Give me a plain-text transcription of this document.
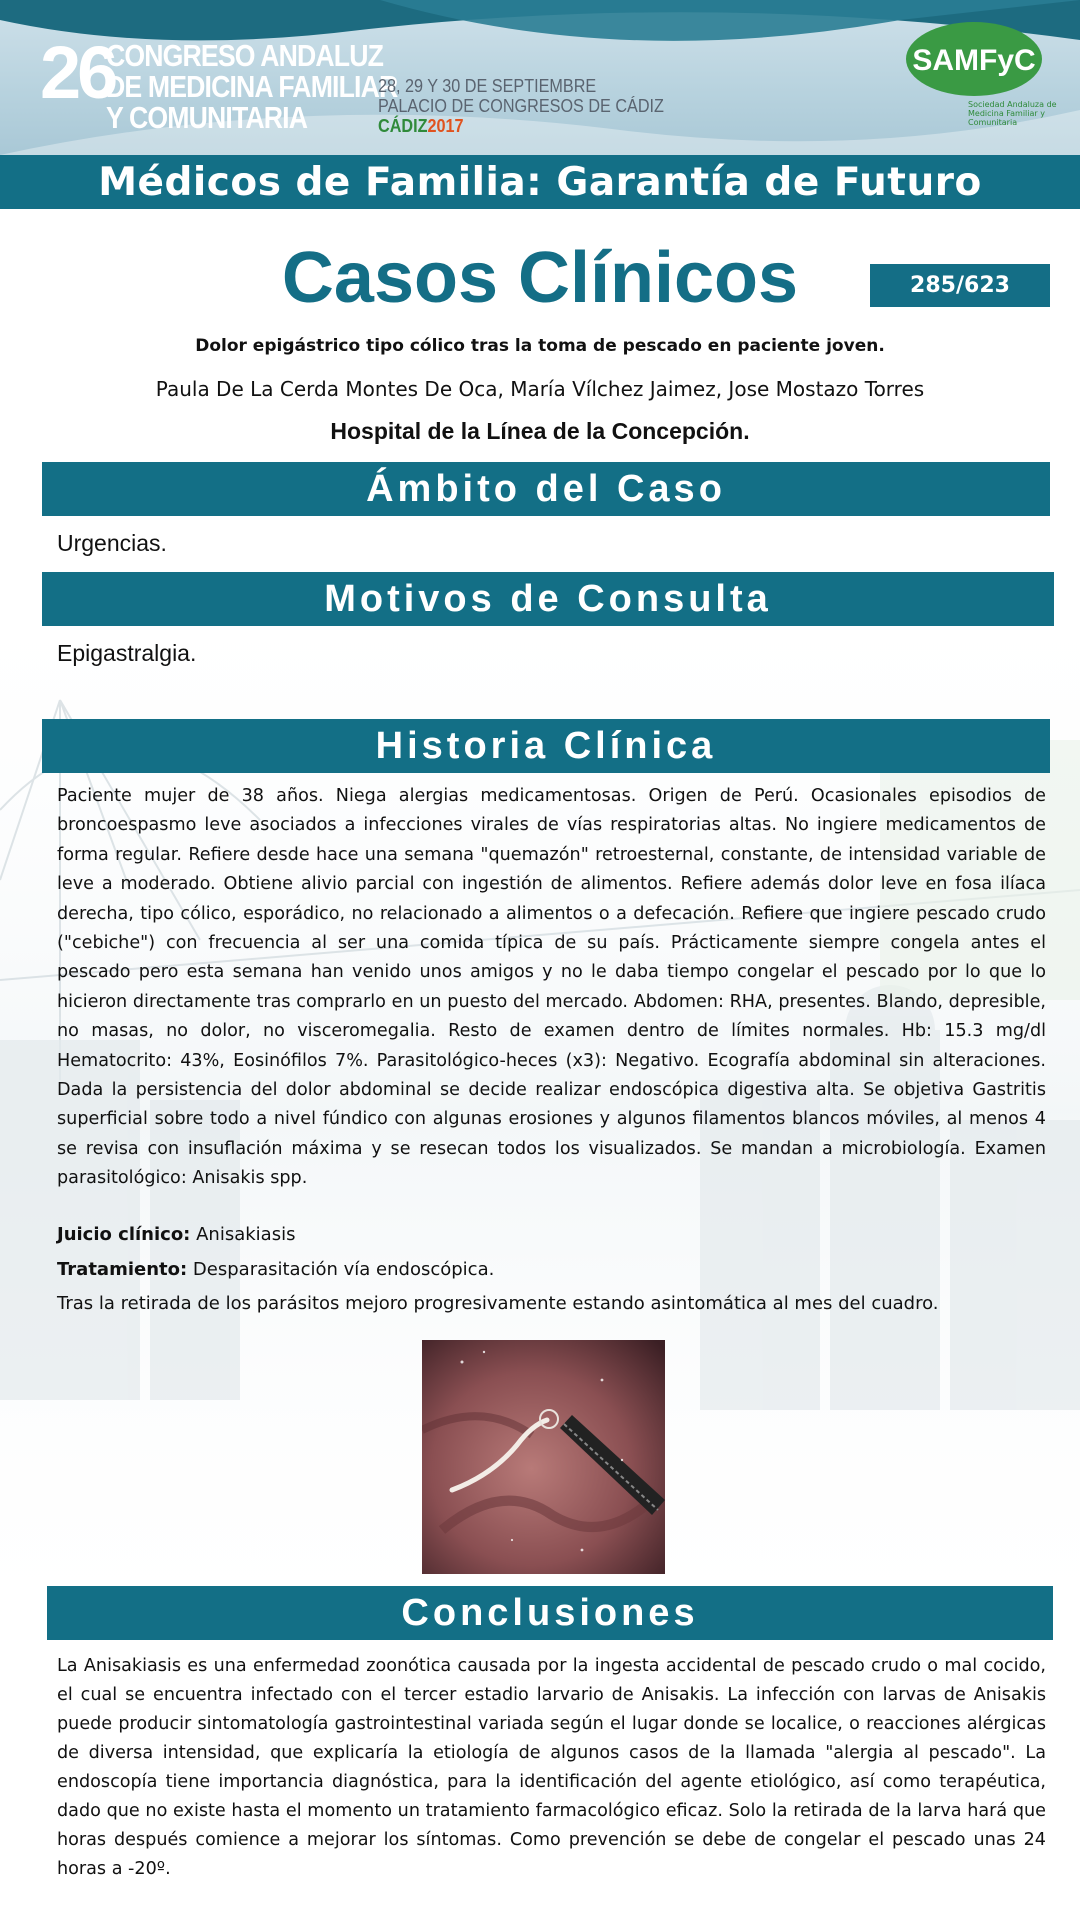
26
CONGRESO ANDALUZ
DE MEDICINA FAMILIAR
Y COMUNITARIA
28, 29 Y 30 DE SEPTIEMBRE
PALACIO DE CONGRESOS DE CÁDIZ
CÁDIZ2017
SAMFyC
Sociedad Andaluza de Medicina Familiar y Comunitaria
Médicos de Familia: Garantía de Futuro
Casos Clínicos	285/623
Dolor epigástrico tipo cólico tras la toma de pescado en paciente joven.
Paula De La Cerda Montes De Oca, María Vílchez Jaimez, Jose Mostazo Torres
Hospital de la Línea de la Concepción.
Ámbito del Caso
Urgencias.
Motivos de Consulta
Epigastralgia.
Historia Clínica
Paciente mujer de 38 años. Niega alergias medicamentosas. Origen de Perú. Ocasionales episodios de broncoespasmo leve asociados a infecciones virales de vías respiratorias altas. No ingiere medicamentos de forma regular. Refiere desde hace una semana "quemazón" retroesternal, constante, de intensidad variable de leve a moderado. Obtiene alivio parcial con ingestión de alimentos. Refiere además dolor leve en fosa ilíaca derecha, tipo cólico, esporádico, no relacionado a alimentos o a defecación. Refiere que ingiere pescado crudo ("cebiche") con frecuencia al ser una comida típica de su país. Prácticamente siempre congela antes el pescado pero esta semana han venido unos amigos y no le daba tiempo congelar el pescado por lo que lo hicieron directamente tras comprarlo en un puesto del mercado. Abdomen: RHA, presentes. Blando, depresible, no masas, no dolor, no visceromegalia. Resto de examen dentro de límites normales. Hb: 15.3 mg/dl Hematocrito: 43%, Eosinófilos 7%. Parasitológico-heces (x3): Negativo. Ecografía abdominal sin alteraciones. Dada la persistencia del dolor abdominal se decide realizar endoscópica digestiva alta. Se objetiva Gastritis superficial sobre todo a nivel fúndico con algunas erosiones y algunos filamentos blancos móviles, al menos 4 se revisa con insuflación máxima y se resecan todos los visualizados. Se mandan a microbiología. Examen parasitológico: Anisakis spp.
Juicio clínico: Anisakiasis
Tratamiento: Desparasitación vía endoscópica.
Tras la retirada de los parásitos mejoro progresivamente estando asintomática al mes del cuadro.
Conclusiones
La Anisakiasis es una enfermedad zoonótica causada por la ingesta accidental de pescado crudo o mal cocido, el cual se encuentra infectado con el tercer estadio larvario de Anisakis. La infección con larvas de Anisakis puede producir sintomatología gastrointestinal variada según el lugar donde se localice, o reacciones alérgicas de diversa intensidad, que explicaría la etiología de algunos casos de la llamada "alergia al pescado". La endoscopía tiene importancia diagnóstica, para la identificación del agente etiológico, así como terapéutica, dado que no existe hasta el momento un tratamiento farmacológico eficaz. Solo la retirada de la larva hará que horas después comience a mejorar los síntomas. Como prevención se debe de congelar el pescado unas 24 horas a -20º.
